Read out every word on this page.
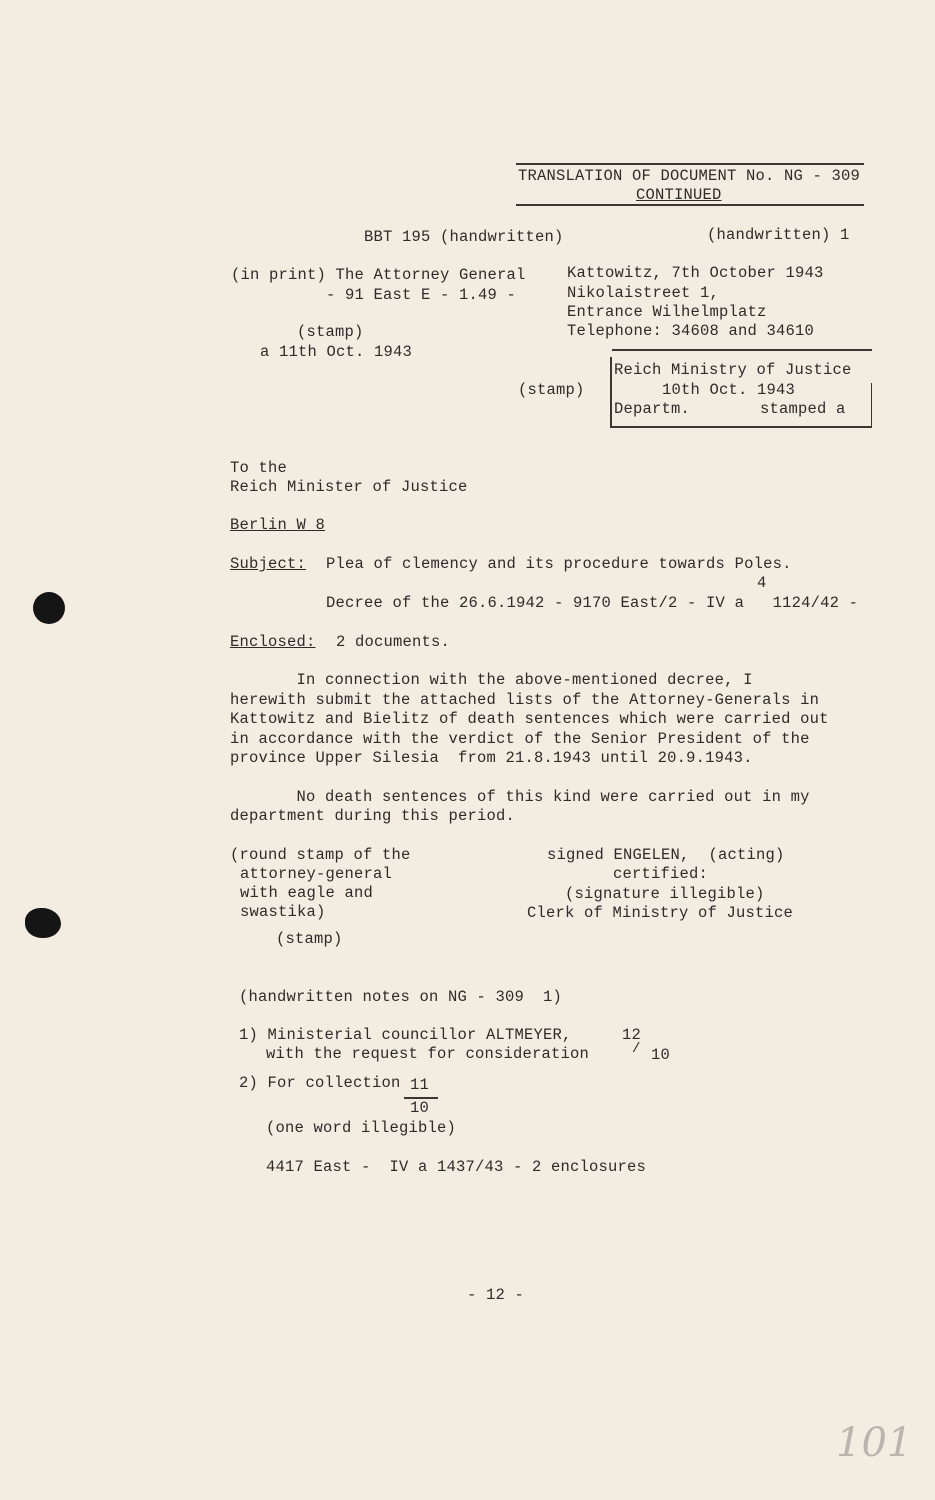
TRANSLATION OF DOCUMENT No. NG - 309
CONTINUED
BBT 195 (handwritten)	(handwritten) 1
(in print) The Attorney General
- 91 East E - 1.49 -
(stamp)
a 11th Oct. 1943
Kattowitz, 7th October 1943
Nikolaistreet 1,
Entrance Wilhelmplatz
Telephone: 34608 and 34610
(stamp)
Reich Ministry of Justice
10th Oct. 1943
Departm.	stamped a
To the
Reich Minister of Justice
Berlin W 8
Subject: Plea of clemency and its procedure towards Poles.
4
Decree of the 26.6.1942 - 9170 East/2 - IV a   1124/42 -
Enclosed: 2 documents.
In connection with the above-mentioned decree, I
herewith submit the attached lists of the Attorney-Generals in
Kattowitz and Bielitz of death sentences which were carried out
in accordance with the verdict of the Senior President of the
province Upper Silesia  from 21.8.1943 until 20.9.1943.
No death sentences of this kind were carried out in my
department during this period.
(round stamp of the
attorney-general
with eagle and
swastika)
(stamp)
signed ENGELEN,  (acting)
certified:
(signature illegible)
Clerk of Ministry of Justice
(handwritten notes on NG - 309  1)
1) Ministerial councillor ALTMEYER,	12
with the request for consideration	/ 10
2) For collection 11
10
(one word illegible)
4417 East -  IV a 1437/43 - 2 enclosures
- 12 -
101
